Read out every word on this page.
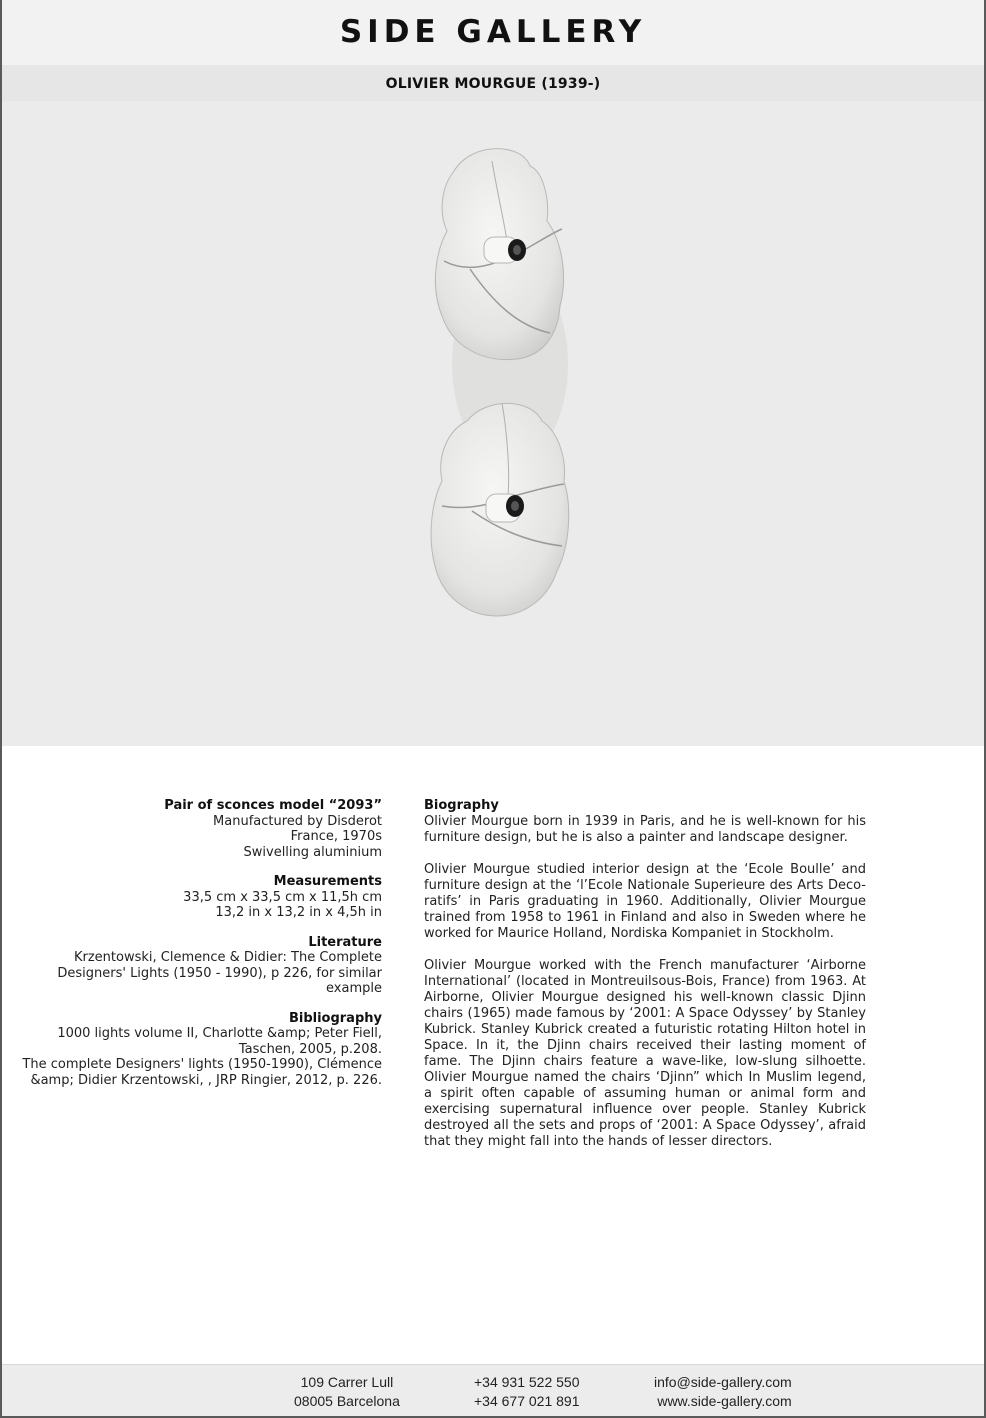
SIDE GALLERY
OLIVIER MOURGUE (1939-)
Pair of sconces model “2093”
Manufactured by Disderot
France, 1970s
Swivelling aluminium
Measurements
33,5 cm x 33,5 cm x 11,5h cm
13,2 in x 13,2 in x 4,5h in
Literature
Krzentowski, Clemence & Didier: The Complete
Designers' Lights (1950 - 1990), p 226, for similar
example
Bibliography
1000 lights volume II, Charlotte &amp; Peter Fiell,
Taschen, 2005, p.208.
The complete Designers' lights (1950-1990), Clémence
&amp; Didier Krzentowski, , JRP Ringier, 2012, p. 226.
Biography

Olivier Mourgue born in 1939 in Paris, and he is well-known for his furniture design, but he is also a painter and landscape designer.

Olivier Mourgue studied interior design at the ‘Ecole Boulle’ and furniture design at the ‘l’Ecole Nationale Superieure des Arts Deco-ratifs’ in Paris graduating in 1960. Additionally, Olivier Mourgue trained from 1958 to 1961 in Finland and also in Sweden where he worked for Maurice Holland, Nordiska Kompaniet in Stockholm.

Olivier Mourgue worked with the French manufacturer ‘Airborne International’ (located in Montreuilsous-Bois, France) from 1963. At Airborne, Olivier Mourgue designed his well-known classic Djinn chairs (1965) made famous by ‘2001: A Space Odyssey’ by Stanley Kubrick. Stanley Kubrick created a futuristic rotating Hilton hotel in Space. In it, the Djinn chairs received their lasting moment of fame. The Djinn chairs feature a wave-like, low-slung silhoette. Olivier Mourgue named the chairs ‘Djinn” which In Muslim legend, a spirit often capable of assuming human or animal form and exercising supernatural influence over people. Stanley Kubrick destroyed all the sets and props of ‘2001: A Space Odyssey’, afraid that they might fall into the hands of lesser directors.

109 Carrer Lull
08005 Barcelona
+34 931 522 550
+34 677 021 891
info@side-gallery.com
www.side-gallery.com
